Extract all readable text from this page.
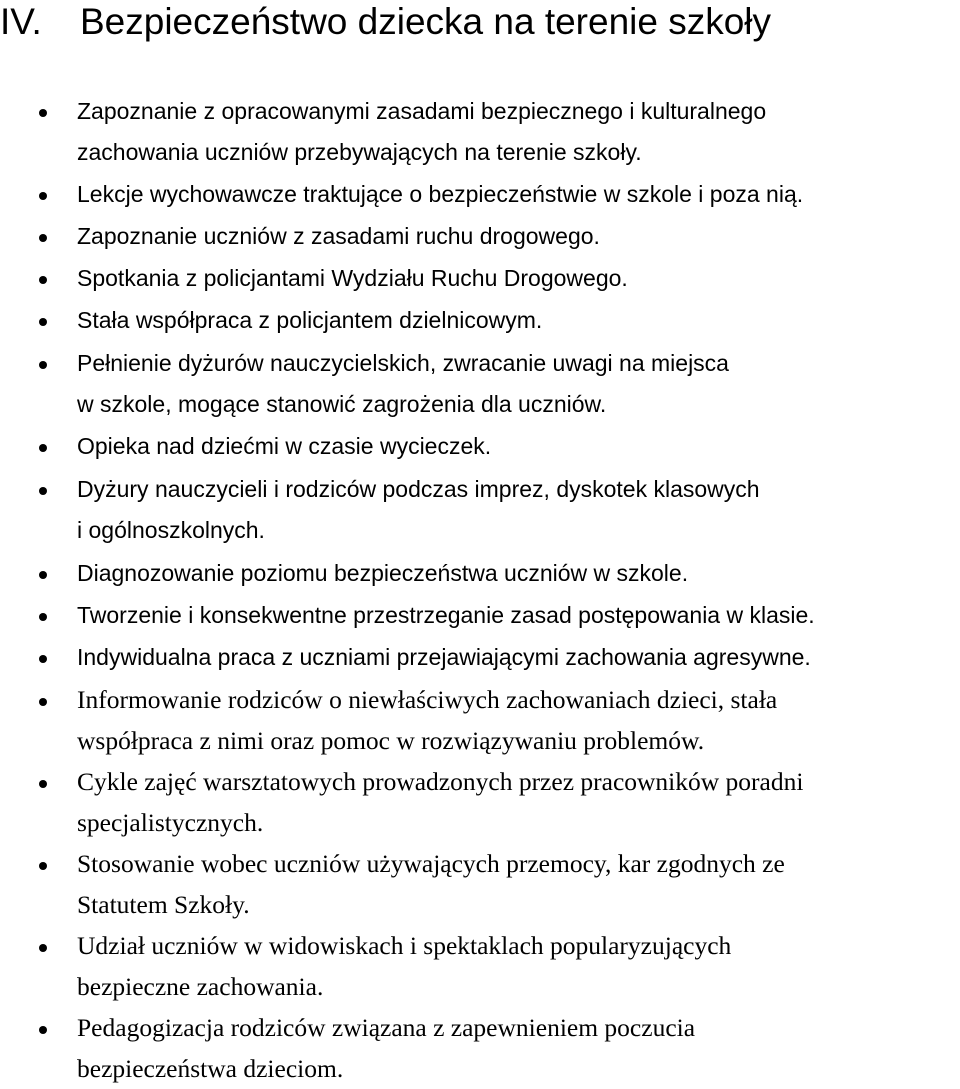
IV. Bezpieczeństwo dziecka na terenie szkoły
Zapoznanie z opracowanymi zasadami bezpiecznego i kulturalnego
zachowania uczniów przebywających na terenie szkoły.
Lekcje wychowawcze traktujące o bezpieczeństwie w szkole i poza nią.
Zapoznanie uczniów z zasadami ruchu drogowego.
Spotkania z policjantami Wydziału Ruchu Drogowego.
Stała współpraca z policjantem dzielnicowym.
Pełnienie dyżurów nauczycielskich, zwracanie uwagi na miejsca
w szkole, mogące stanowić zagrożenia dla uczniów.
Opieka nad dziećmi w czasie wycieczek.
Dyżury nauczycieli i rodziców podczas imprez, dyskotek klasowych
i ogólnoszkolnych.
Diagnozowanie poziomu bezpieczeństwa uczniów w szkole.
Tworzenie i konsekwentne przestrzeganie zasad postępowania w klasie.
Indywidualna praca z uczniami przejawiającymi zachowania agresywne.
Informowanie rodziców o niewłaściwych zachowaniach dzieci, stała
współpraca z nimi oraz pomoc w rozwiązywaniu problemów.
Cykle zajęć warsztatowych prowadzonych przez pracowników poradni
specjalistycznych.
Stosowanie wobec uczniów używających przemocy, kar zgodnych ze
Statutem Szkoły.
Udział uczniów w widowiskach i spektaklach popularyzujących
bezpieczne zachowania.
Pedagogizacja rodziców związana z zapewnieniem poczucia
bezpieczeństwa dzieciom.
